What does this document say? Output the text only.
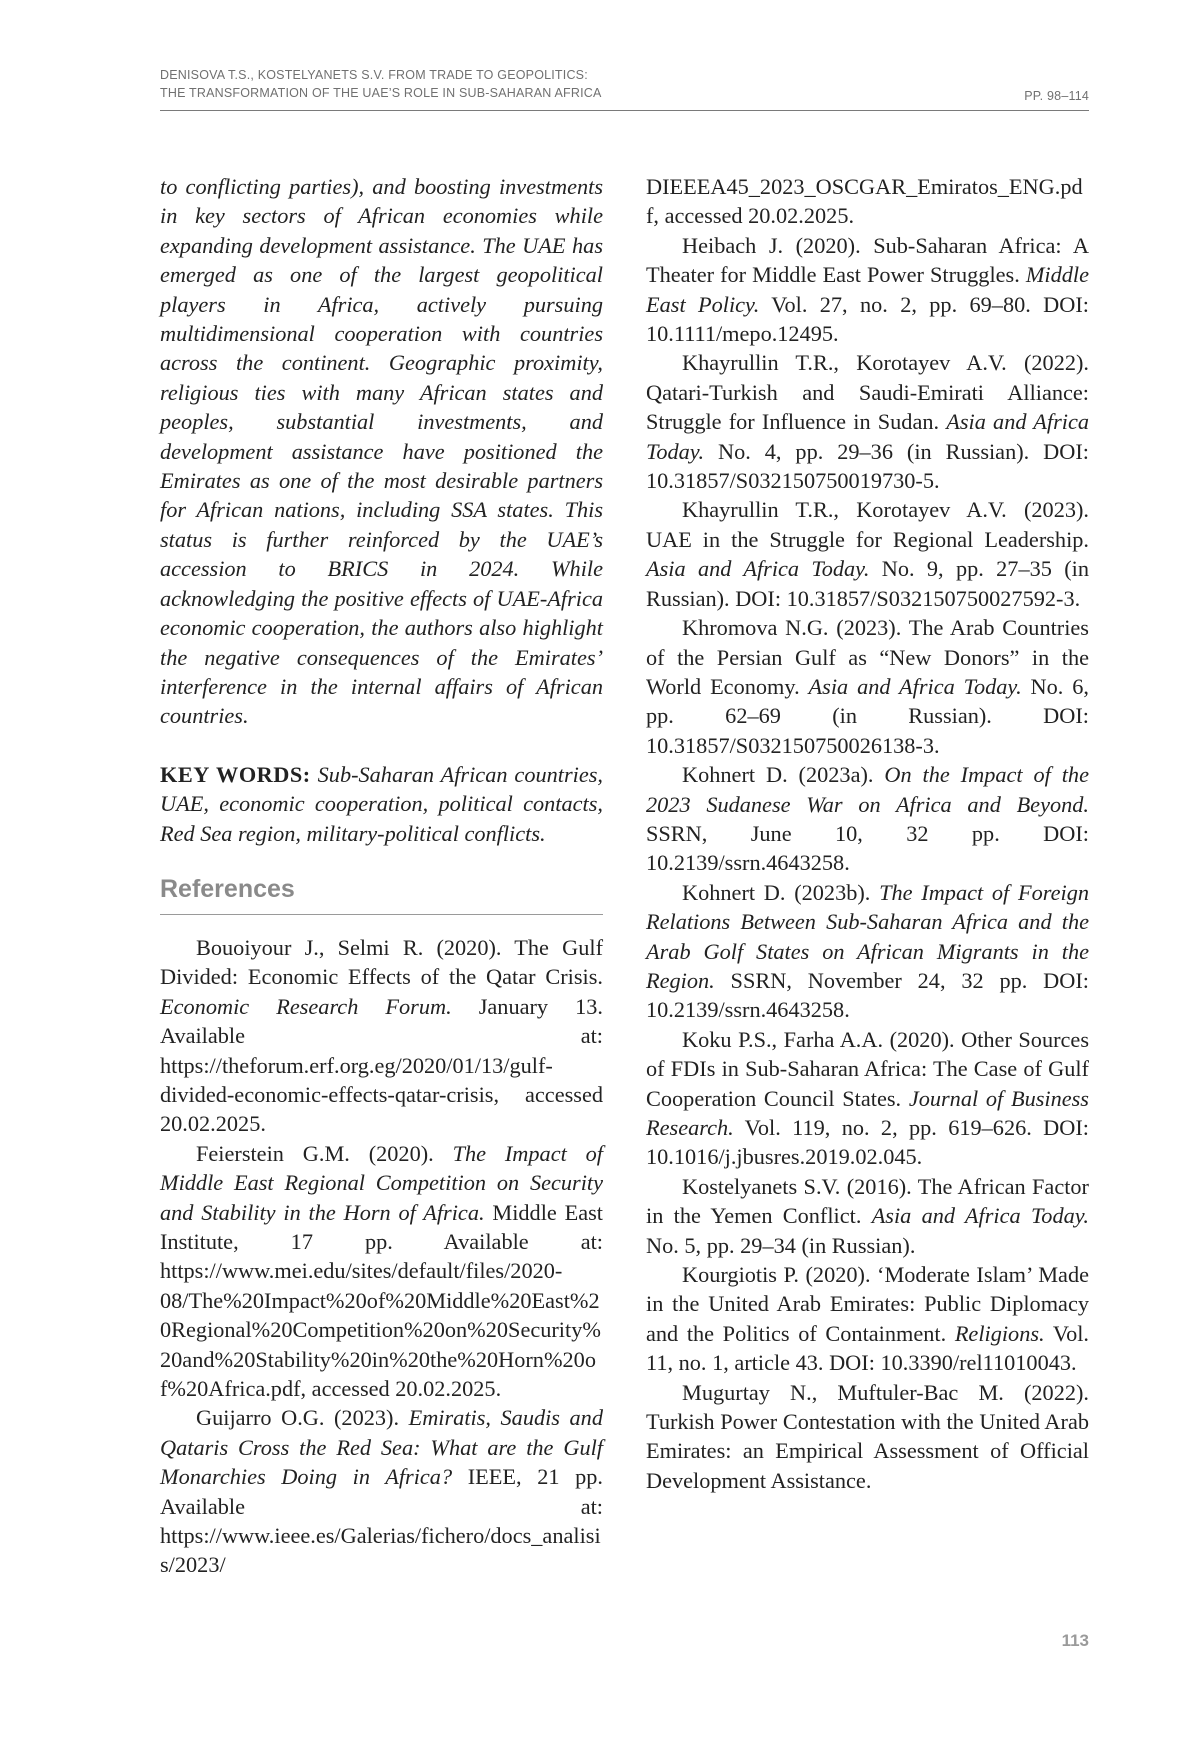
DENISOVA T.S., KOSTELYANETS S.V. FROM TRADE TO GEOPOLITICS:
THE TRANSFORMATION OF THE UAE’S ROLE IN SUB-SAHARAN AFRICA	PP. 98–114

to conflicting parties), and boosting investments in key sectors of African economies while expanding development assistance. The UAE has emerged as one of the largest geopolitical players in Africa, actively pursuing multidimensional cooperation with countries across the continent. Geographic proximity, religious ties with many African states and peoples, substantial investments, and development assistance have positioned the Emirates as one of the most desirable partners for African nations, including SSA states. This status is further reinforced by the UAE’s accession to BRICS in 2024. While acknowledging the positive effects of UAE-Africa economic cooperation, the authors also highlight the negative consequences of the Emirates’ interference in the internal affairs of African countries.

KEY WORDS: Sub-Saharan African countries, UAE, economic cooperation, political contacts, Red Sea region, military-political conflicts.

References

Bouoiyour J., Selmi R. (2020). The Gulf Divided: Economic Effects of the Qatar Crisis. Economic Research Forum. January 13. Available at: https://theforum.erf.org.eg/2020/01/13/gulf-divided-economic-effects-qatar-crisis, accessed 20.02.2025.

Feierstein G.M. (2020). The Impact of Middle East Regional Competition on Security and Stability in the Horn of Africa. Middle East Institute, 17 pp. Available at: https://www.mei.edu/sites/default/files/2020-08/The%20Impact%20of%20Middle%20East%20Regional%20Competition%20on%20Security%20and%20Stability%20in%20the%20Horn%20of%20Africa.pdf, accessed 20.02.2025.

Guijarro O.G. (2023). Emiratis, Saudis and Qataris Cross the Red Sea: What are the Gulf Monarchies Doing in Africa? IEEE, 21 pp. Available at: https://www.ieee.es/Galerias/fichero/docs_analisis/2023/

DIEEEA45_2023_OSCGAR_Emiratos_ENG.pdf, accessed 20.02.2025.

Heibach J. (2020). Sub-Saharan Africa: A Theater for Middle East Power Struggles. Middle East Policy. Vol. 27, no. 2, pp. 69–80. DOI: 10.1111/mepo.12495.

Khayrullin T.R., Korotayev A.V. (2022). Qatari-Turkish and Saudi-Emirati Alliance: Struggle for Influence in Sudan. Asia and Africa Today. No. 4, pp. 29–36 (in Russian). DOI: 10.31857/S032150750019730-5.

Khayrullin T.R., Korotayev A.V. (2023). UAE in the Struggle for Regional Leadership. Asia and Africa Today. No. 9, pp. 27–35 (in Russian). DOI: 10.31857/S032150750027592-3.

Khromova N.G. (2023). The Arab Countries of the Persian Gulf as “New Donors” in the World Economy. Asia and Africa Today. No. 6, pp. 62–69 (in Russian). DOI: 10.31857/S032150750026138-3.

Kohnert D. (2023a). On the Impact of the 2023 Sudanese War on Africa and Beyond. SSRN, June 10, 32 pp. DOI: 10.2139/ssrn.4643258.

Kohnert D. (2023b). The Impact of Foreign Relations Between Sub-Saharan Africa and the Arab Golf States on African Migrants in the Region. SSRN, November 24, 32 pp. DOI: 10.2139/ssrn.4643258.

Koku P.S., Farha A.A. (2020). Other Sources of FDIs in Sub-Saharan Africa: The Case of Gulf Cooperation Council States. Journal of Business Research. Vol. 119, no. 2, pp. 619–626. DOI: 10.1016/j.jbusres.2019.02.045.

Kostelyanets S.V. (2016). The African Factor in the Yemen Conflict. Asia and Africa Today. No. 5, pp. 29–34 (in Russian).

Kourgiotis P. (2020). ‘Moderate Islam’ Made in the United Arab Emirates: Public Diplomacy and the Politics of Containment. Religions. Vol. 11, no. 1, article 43. DOI: 10.3390/rel11010043.

Mugurtay N., Muftuler-Bac M. (2022). Turkish Power Contestation with the United Arab Emirates: an Empirical Assessment of Official Development Assistance.

113
